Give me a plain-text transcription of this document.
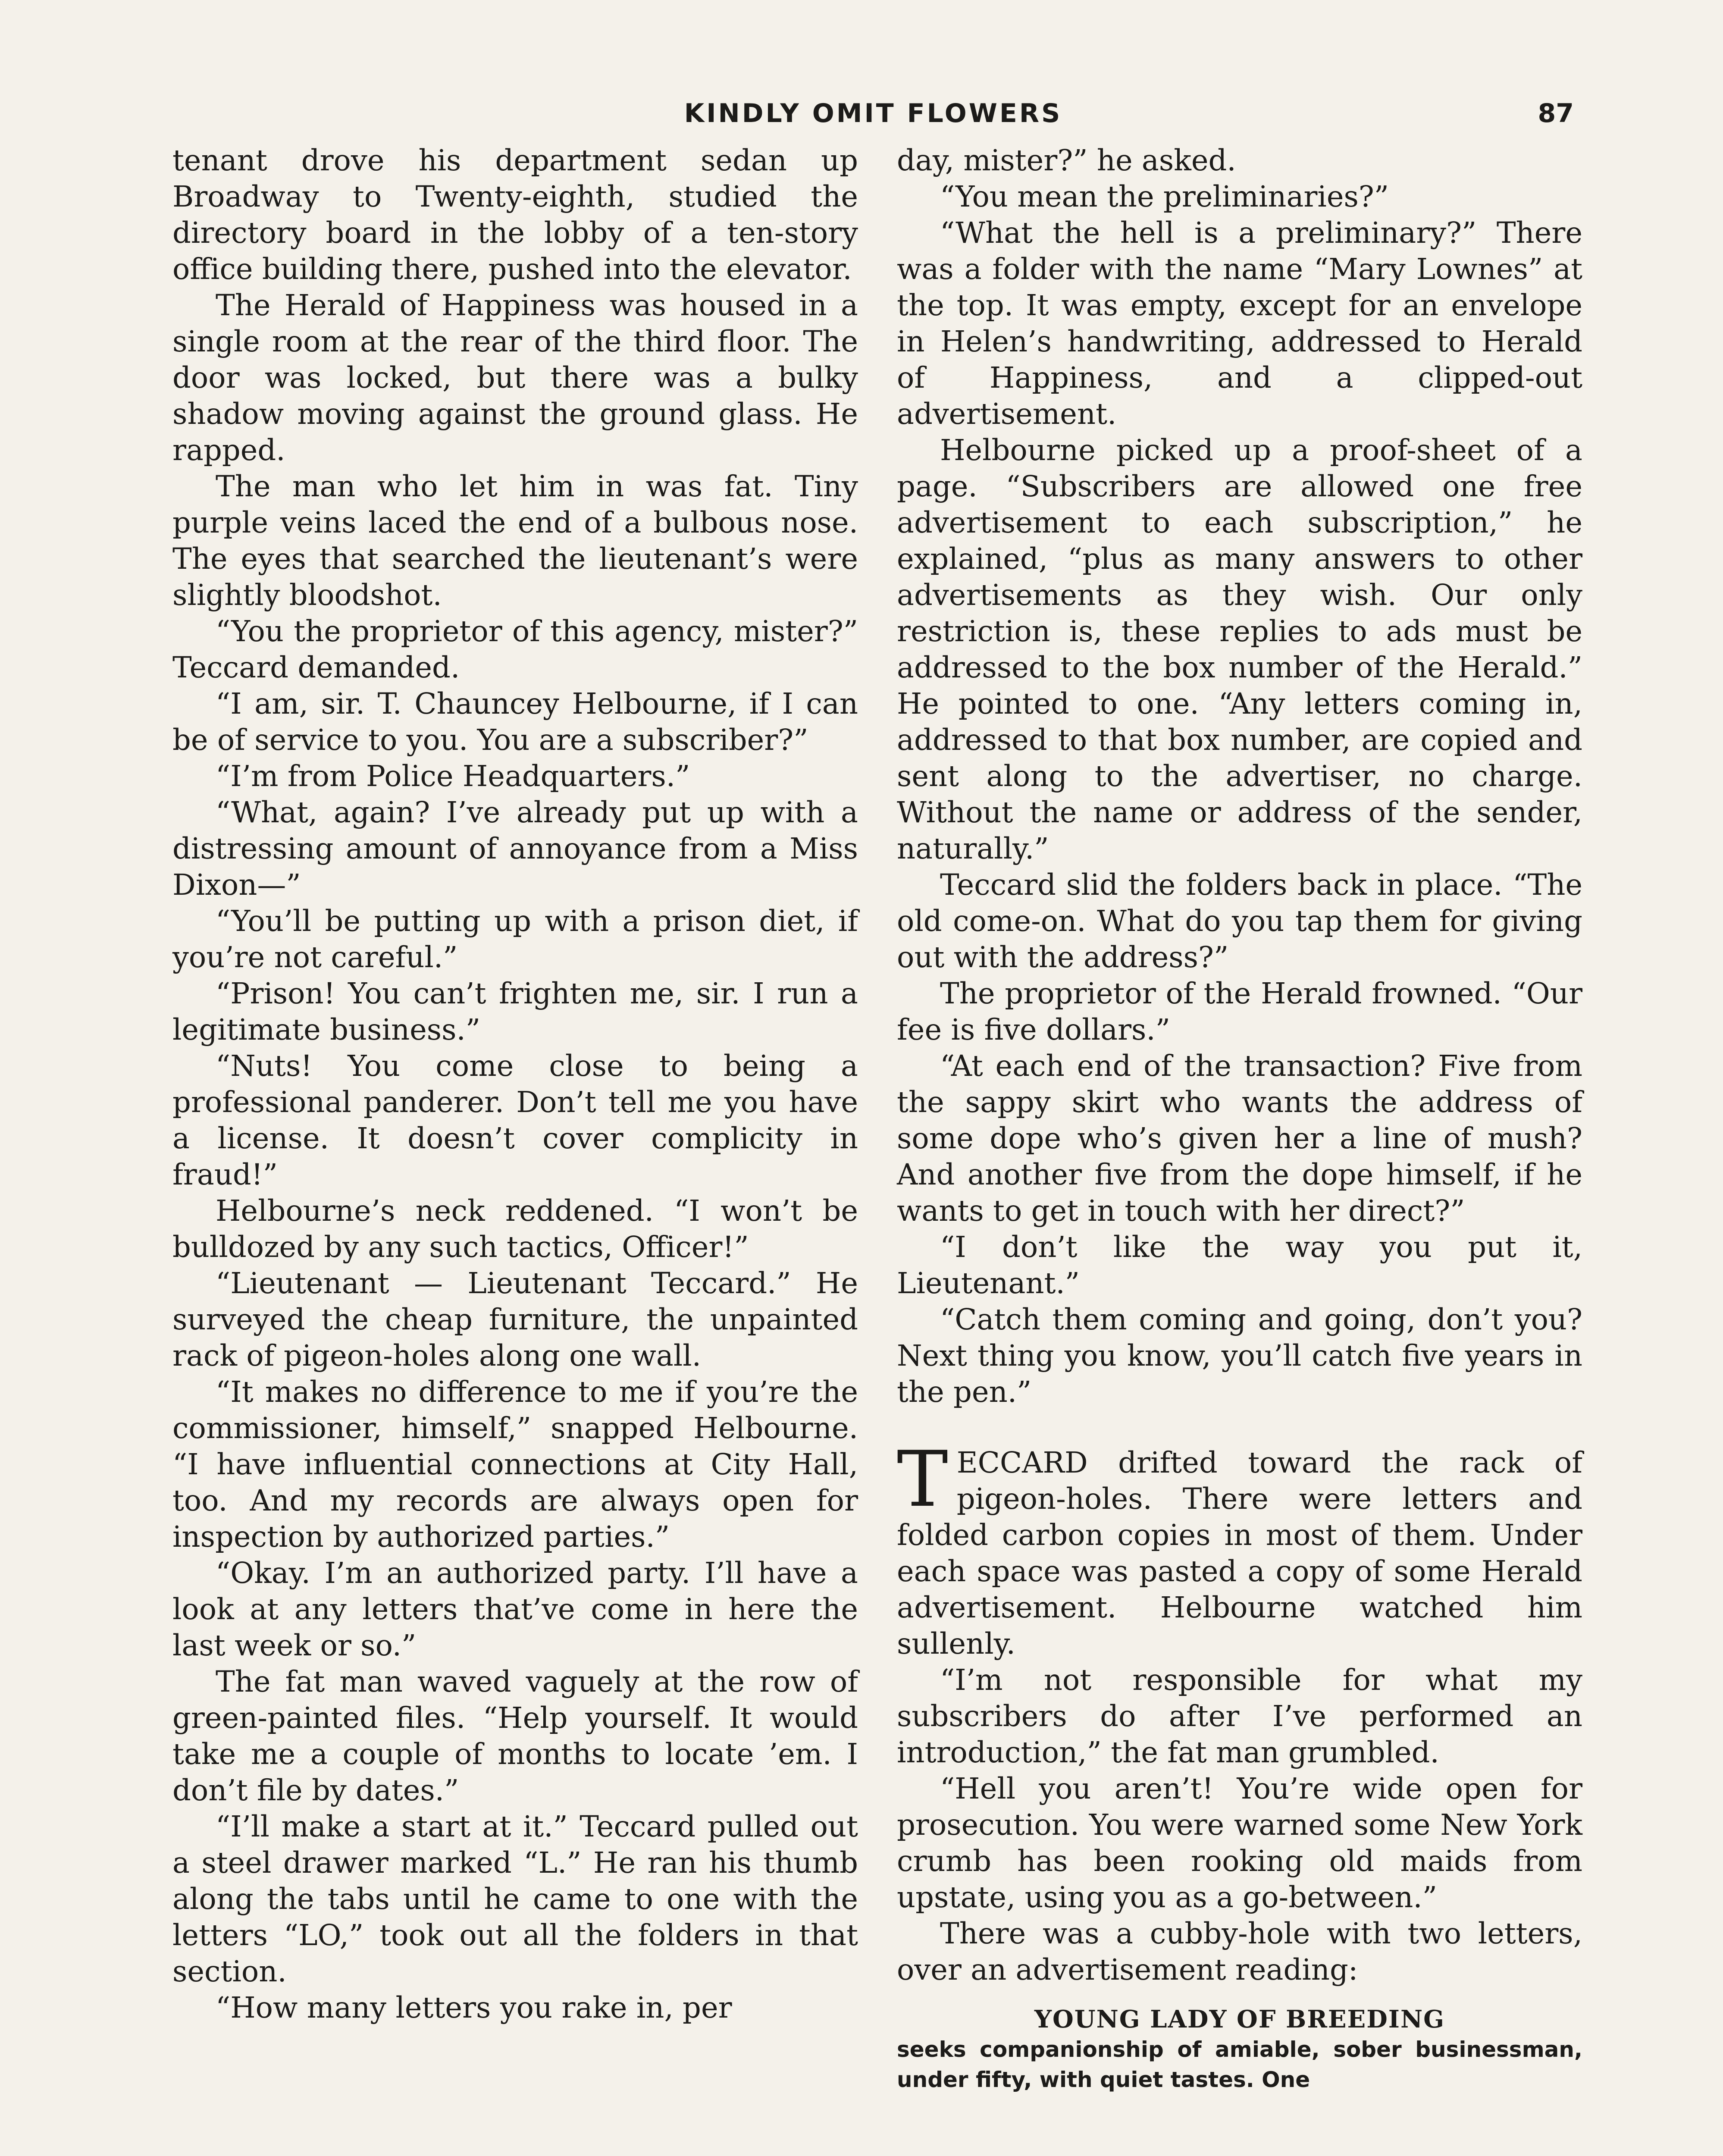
KINDLY OMIT FLOWERS	87

tenant drove his department sedan up Broadway to Twenty-eighth, studied the directory board in the lobby of a ten-story office building there, pushed into the elevator.

The Herald of Happiness was housed in a single room at the rear of the third floor. The door was locked, but there was a bulky shadow moving against the ground glass. He rapped.

The man who let him in was fat. Tiny purple veins laced the end of a bulbous nose. The eyes that searched the lieutenant’s were slightly bloodshot.

“You the proprietor of this agency, mister?” Teccard demanded.

“I am, sir. T. Chauncey Helbourne, if I can be of service to you. You are a subscriber?”

“I’m from Police Headquarters.”

“What, again? I’ve already put up with a distressing amount of annoyance from a Miss Dixon—”

“You’ll be putting up with a prison diet, if you’re not careful.”

“Prison! You can’t frighten me, sir. I run a legitimate business.”

“Nuts! You come close to being a professional panderer. Don’t tell me you have a license. It doesn’t cover complicity in fraud!”

Helbourne’s neck reddened. “I won’t be bulldozed by any such tactics, Officer!”

“Lieutenant — Lieutenant Teccard.” He surveyed the cheap furniture, the unpainted rack of pigeon-holes along one wall.

“It makes no difference to me if you’re the commissioner, himself,” snapped Helbourne. “I have influential connections at City Hall, too. And my records are always open for inspection by authorized parties.”

“Okay. I’m an authorized party. I’ll have a look at any letters that’ve come in here the last week or so.”

The fat man waved vaguely at the row of green-painted files. “Help yourself. It would take me a couple of months to locate ’em. I don’t file by dates.”

“I’ll make a start at it.” Teccard pulled out a steel drawer marked “L.” He ran his thumb along the tabs until he came to one with the letters “LO,” took out all the folders in that section.

“How many letters you rake in, per

day, mister?” he asked.

“You mean the preliminaries?”

“What the hell is a preliminary?” There was a folder with the name “Mary Lownes” at the top. It was empty, except for an envelope in Helen’s handwriting, addressed to Herald of Happiness, and a clipped-out advertisement.

Helbourne picked up a proof-sheet of a page. “Subscribers are allowed one free advertisement to each subscription,” he explained, “plus as many answers to other advertisements as they wish. Our only restriction is, these replies to ads must be addressed to the box number of the Herald.” He pointed to one. “Any letters coming in, addressed to that box number, are copied and sent along to the advertiser, no charge. Without the name or address of the sender, naturally.”

Teccard slid the folders back in place. “The old come-on. What do you tap them for giving out with the address?”

The proprietor of the Herald frowned. “Our fee is five dollars.”

“At each end of the transaction? Five from the sappy skirt who wants the address of some dope who’s given her a line of mush? And another five from the dope himself, if he wants to get in touch with her direct?”

“I don’t like the way you put it, Lieutenant.”

“Catch them coming and going, don’t you? Next thing you know, you’ll catch five years in the pen.”

TECCARD drifted toward the rack of pigeon-holes. There were letters and folded carbon copies in most of them. Under each space was pasted a copy of some Herald advertisement. Helbourne watched him sullenly.

“I’m not responsible for what my subscribers do after I’ve performed an introduction,” the fat man grumbled.

“Hell you aren’t! You’re wide open for prosecution. You were warned some New York crumb has been rooking old maids from upstate, using you as a go-between.”

There was a cubby-hole with two letters, over an advertisement reading:

YOUNG LADY OF BREEDING
seeks companionship of amiable, sober businessman, under fifty, with quiet tastes. One
